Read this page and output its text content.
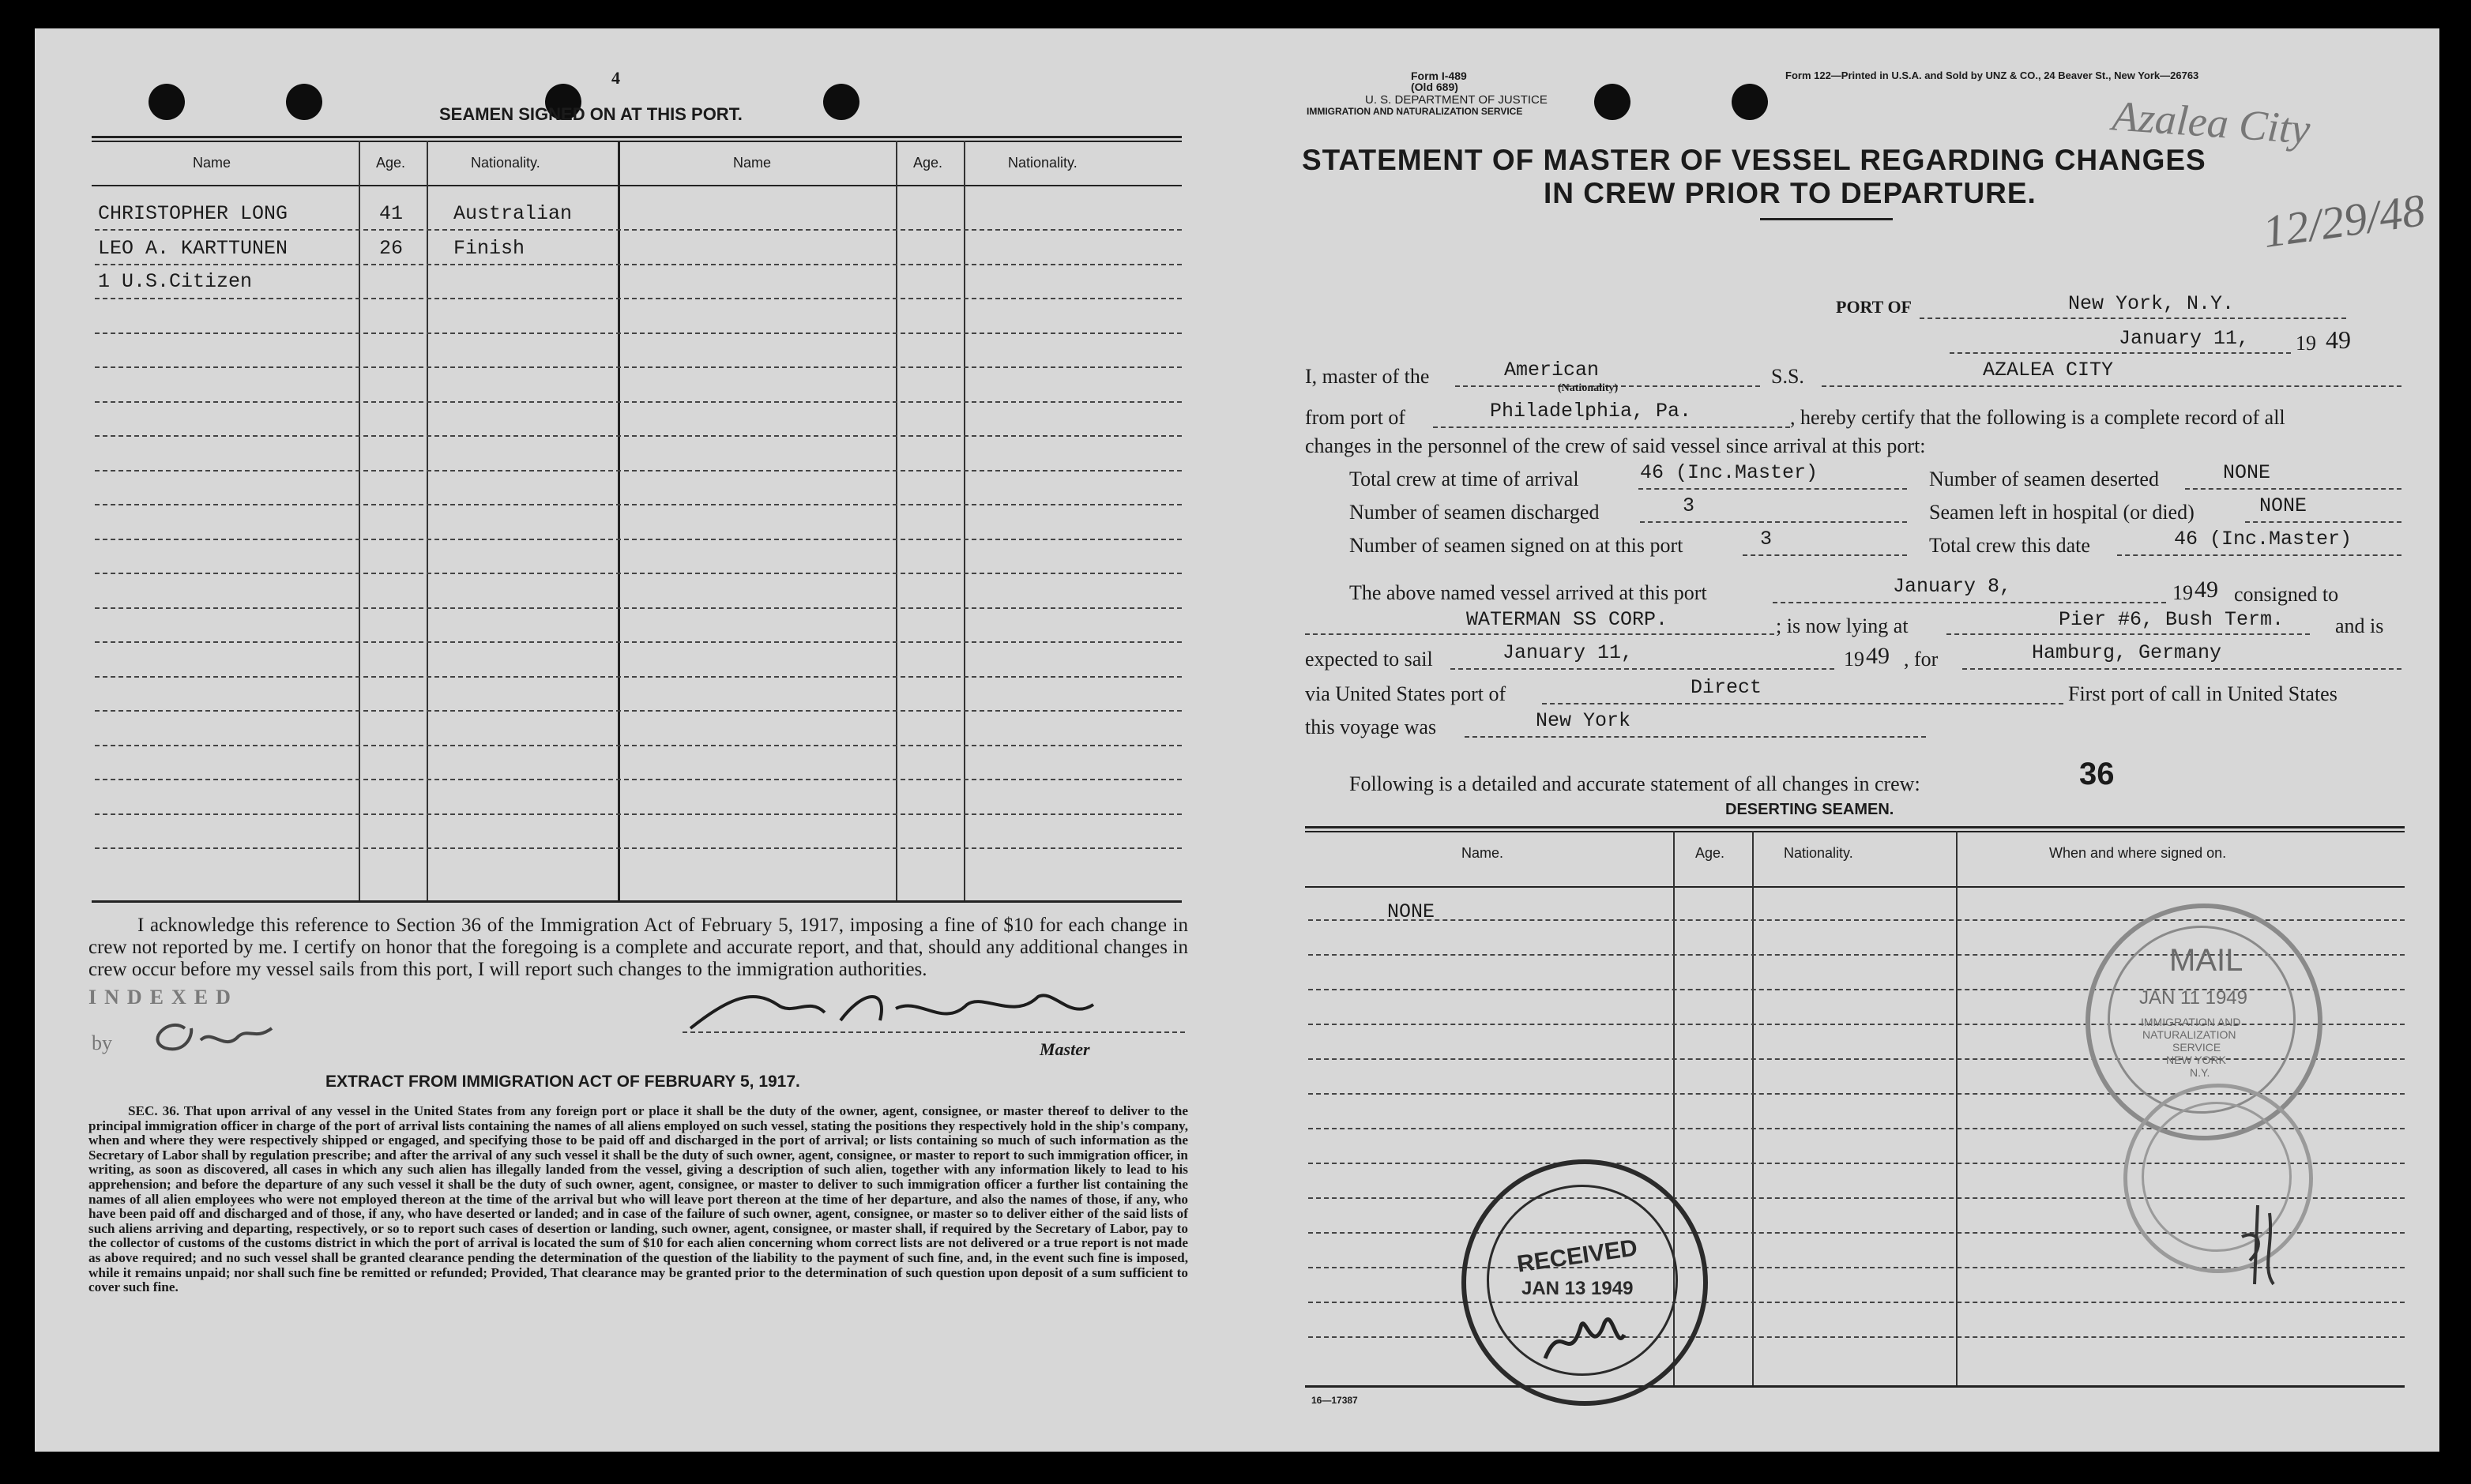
4
SEAMEN SIGNED ON AT THIS PORT.
Name	Age.	Nationality.	Name	Age.	Nationality.
CHRISTOPHER LONG	41	Australian
LEO A. KARTTUNEN	26	Finish
1 U.S.Citizen
I acknowledge this reference to Section 36 of the Immigration Act of February 5, 1917, imposing a fine of $10 for each change in crew not reported by me. I certify on honor that the foregoing is a complete and accurate report, and that, should any additional changes in crew occur before my vessel sails from this port, I will report such changes to the immigration authorities.
INDEXED
by	Master
EXTRACT FROM IMMIGRATION ACT OF FEBRUARY 5, 1917.
SEC. 36. That upon arrival of any vessel in the United States from any foreign port or place it shall be the duty of the owner, agent, consignee, or master thereof to deliver to the principal immigration officer in charge of the port of arrival lists containing the names of all aliens employed on such vessel, stating the positions they respectively hold in the ship's company, when and where they were respectively shipped or engaged, and specifying those to be paid off and discharged in the port of arrival; or lists containing so much of such information as the Secretary of Labor shall by regulation prescribe; and after the arrival of any such vessel it shall be the duty of such owner, agent, consignee, or master to report to such immigration officer, in writing, as soon as discovered, all cases in which any such alien has illegally landed from the vessel, giving a description of such alien, together with any information likely to lead to his apprehension; and before the departure of any such vessel it shall be the duty of such owner, agent, consignee, or master to deliver to such immigration officer a further list containing the names of all alien employees who were not employed thereon at the time of the arrival but who will leave port thereon at the time of her departure, and also the names of those, if any, who have been paid off and discharged and of those, if any, who have deserted or landed; and in case of the failure of such owner, agent, consignee, or master so to deliver either of the said lists of such aliens arriving and departing, respectively, or so to report such cases of desertion or landing, such owner, agent, consignee, or master shall, if required by the Secretary of Labor, pay to the collector of customs of the customs district in which the port of arrival is located the sum of $10 for each alien concerning whom correct lists are not delivered or a true report is not made as above required; and no such vessel shall be granted clearance pending the determination of the question of the liability to the payment of such fine, and, in the event such fine is imposed, while it remains unpaid; nor shall such fine be remitted or refunded; Provided, That clearance may be granted prior to the determination of such question upon deposit of a sum sufficient to cover such fine.
Form I-489
(Old 689)
U. S. DEPARTMENT OF JUSTICE
IMMIGRATION AND NATURALIZATION SERVICE
Form 122—Printed in U.S.A. and Sold by UNZ & CO., 24 Beaver St., New York—26763
Azalea City
12/29/48
STATEMENT OF MASTER OF VESSEL REGARDING CHANGES
IN CREW PRIOR TO DEPARTURE.
PORT OF	New York, N.Y.
January 11, 19 49
I, master of the	American
(Nationality)
S.S.	AZALEA CITY
from port of	Philadelphia, Pa.	, hereby certify that the following is a complete record of all
changes in the personnel of the crew of said vessel since arrival at this port:
Total crew at time of arrival	46 (Inc.Master)	Number of seamen deserted	NONE
Number of seamen discharged	3	Seamen left in hospital (or died)	NONE
Number of seamen signed on at this port	3	Total crew this date	46 (Inc.Master)
The above named vessel arrived at this port	January 8,	19 49 consigned to
WATERMAN SS CORP.	; is now lying at	Pier #6, Bush Term. and is
expected to sail	January 11,	19 49 , for	Hamburg, Germany
via United States port of	Direct	First port of call in United States
this voyage was	New York
Following is a detailed and accurate statement of all changes in crew:	36
DESERTING SEAMEN.
Name.	Age.	Nationality.	When and where signed on.
NONE
16—17387
MAIL
JAN 11 1949
IMMIGRATION AND
NATURALIZATION
SERVICE
NEW YORK
N.Y.
RECEIVED
JAN 13 1949
